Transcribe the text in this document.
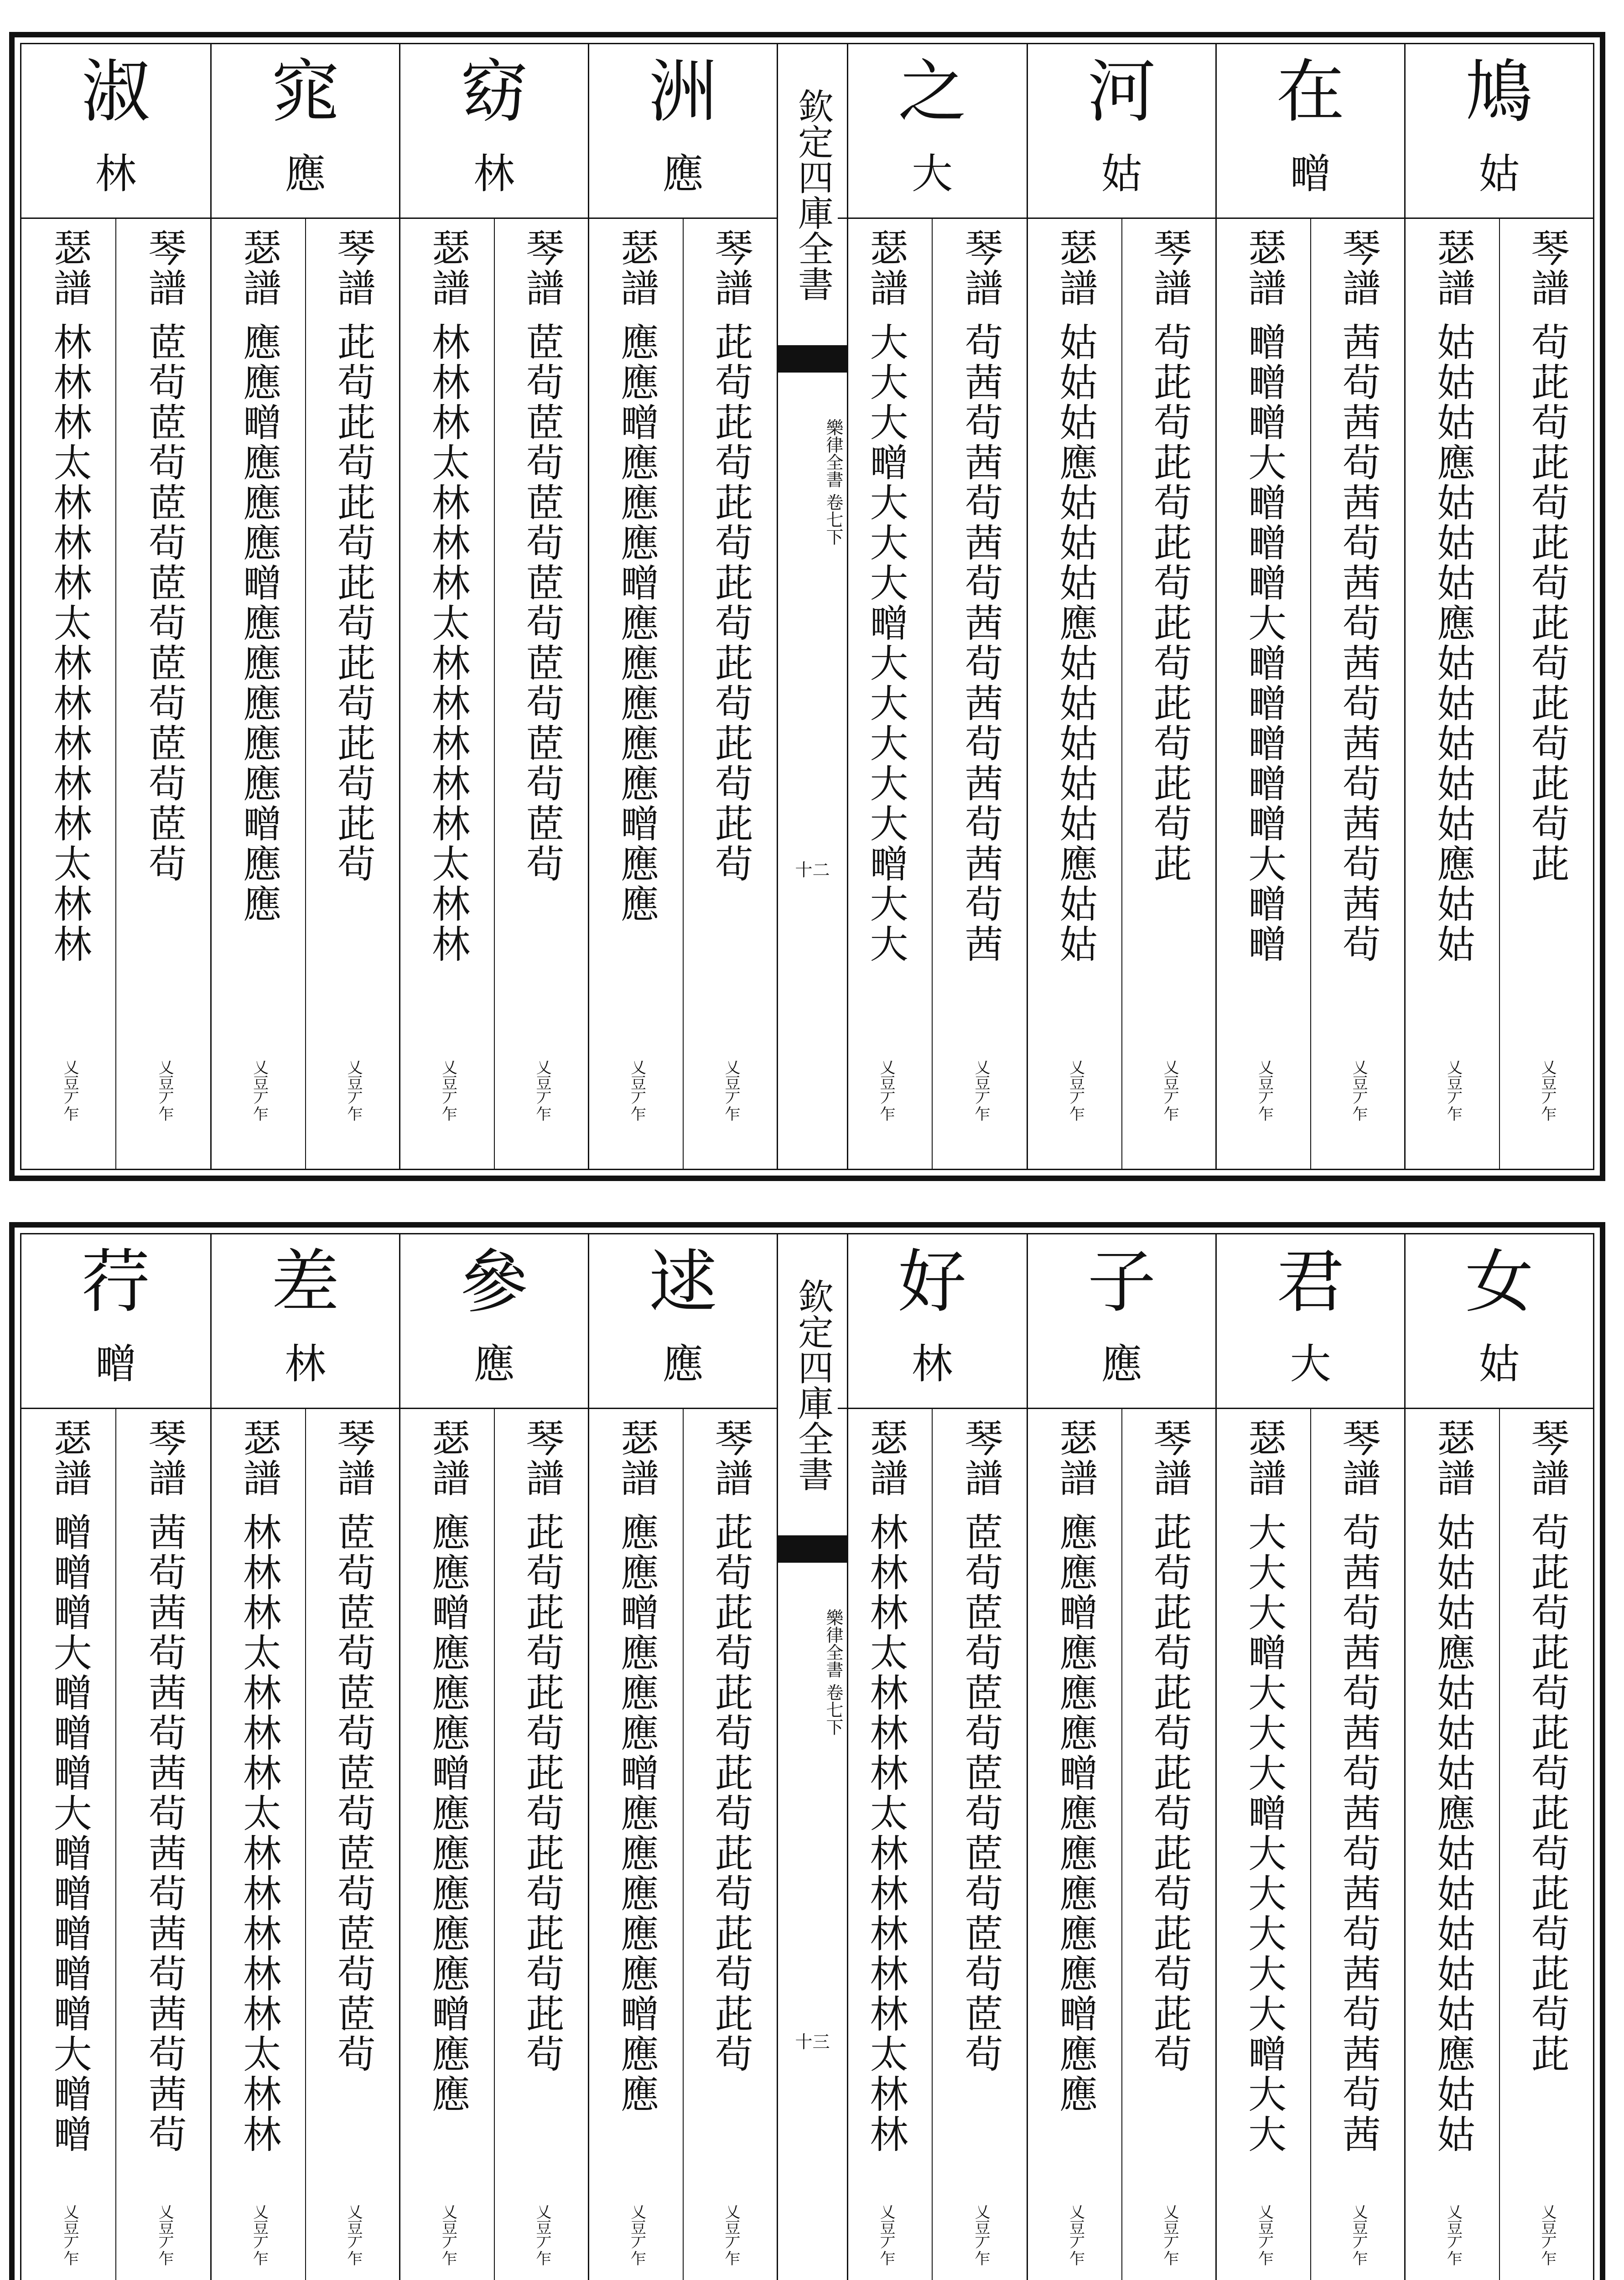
鳩
姑
琴譜 茍茈茍茈茍茈茍茈茍茈茍茈茍茈
乂豆丆乍
瑟譜 姑姑姑應姑姑姑應姑姑姑姑姑應姑姑
乂豆丆乍
在
㽪
琴譜 茜茍茜茍茜茍茜茍茜茍茜茍茜茍茜茍
乂豆丆乍
瑟譜 㽪㽪㽪大㽪㽪㽪大㽪㽪㽪㽪㽪大㽪㽪
乂豆丆乍
河
姑
琴譜 茍茈茍茈茍茈茍茈茍茈茍茈茍茈
乂豆丆乍
瑟譜 姑姑姑應姑姑姑應姑姑姑姑姑應姑姑
乂豆丆乍
之
大
琴譜 茍茜茍茜茍茜茍茜茍茜茍茜茍茜茍茜
乂豆丆乍
瑟譜 大大大㽪大大大㽪大大大大大㽪大大
乂豆丆乍
欽定四庫全書
樂律全書 卷七下
十二
洲
應
琴譜 茈茍茈茍茈茍茈茍茈茍茈茍茈茍
乂豆丆乍
瑟譜 應應㽪應應應㽪應應應應應㽪應應
乂豆丆乍
窈
林
琴譜 茝茍茝茍茝茍茝茍茝茍茝茍茝茍
乂豆丆乍
瑟譜 林林林太林林林太林林林林林太林林
乂豆丆乍
窕
應
琴譜 茈茍茈茍茈茍茈茍茈茍茈茍茈茍
乂豆丆乍
瑟譜 應應㽪應應應㽪應應應應應㽪應應
乂豆丆乍
淑
林
琴譜 茝茍茝茍茝茍茝茍茝茍茝茍茝茍
乂豆丆乍
瑟譜 林林林太林林林太林林林林林太林林
乂豆丆乍
女
姑
琴譜 茍茈茍茈茍茈茍茈茍茈茍茈茍茈
乂豆丆乍
瑟譜 姑姑姑應姑姑姑應姑姑姑姑姑應姑姑
乂豆丆乍
君
大
琴譜 茍茜茍茜茍茜茍茜茍茜茍茜茍茜茍茜
乂豆丆乍
瑟譜 大大大㽪大大大㽪大大大大大㽪大大
乂豆丆乍
子
應
琴譜 茈茍茈茍茈茍茈茍茈茍茈茍茈茍
乂豆丆乍
瑟譜 應應㽪應應應㽪應應應應應㽪應應
乂豆丆乍
好
林
琴譜 茝茍茝茍茝茍茝茍茝茍茝茍茝茍
乂豆丆乍
瑟譜 林林林太林林林太林林林林林太林林
乂豆丆乍
欽定四庫全書
樂律全書 卷七下
十三
逑
應
琴譜 茈茍茈茍茈茍茈茍茈茍茈茍茈茍
乂豆丆乍
瑟譜 應應㽪應應應㽪應應應應應㽪應應
乂豆丆乍
參
應
琴譜 茈茍茈茍茈茍茈茍茈茍茈茍茈茍
乂豆丆乍
瑟譜 應應㽪應應應㽪應應應應應㽪應應
乂豆丆乍
差
林
琴譜 茝茍茝茍茝茍茝茍茝茍茝茍茝茍
乂豆丆乍
瑟譜 林林林太林林林太林林林林林太林林
乂豆丆乍
荇
㽪
琴譜 茜茍茜茍茜茍茜茍茜茍茜茍茜茍茜茍
乂豆丆乍
瑟譜 㽪㽪㽪大㽪㽪㽪大㽪㽪㽪㽪㽪大㽪㽪
乂豆丆乍
